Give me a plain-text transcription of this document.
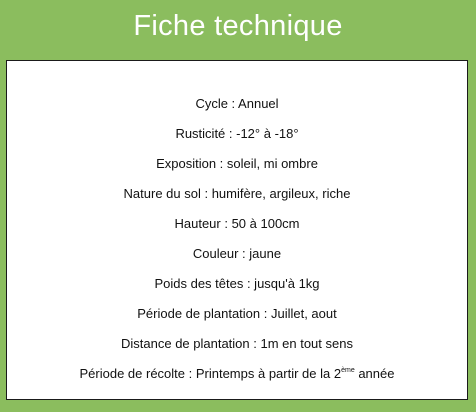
Fiche technique
Cycle : Annuel
Rusticité : -12° à -18°
Exposition : soleil, mi ombre
Nature du sol : humifère, argileux, riche
Hauteur : 50 à 100cm
Couleur : jaune
Poids des têtes : jusqu'à 1kg
Période de plantation : Juillet, aout
Distance de plantation : 1m en tout sens
Période de récolte : Printemps à partir de la 2ème année
